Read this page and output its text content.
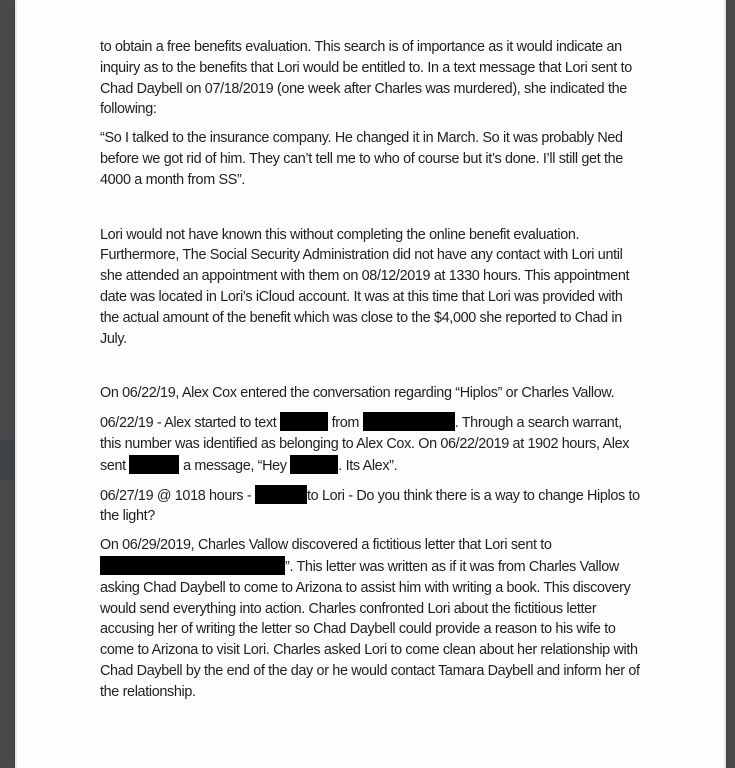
to obtain a free benefits evaluation. This search is of importance as it would indicate an inquiry as to the benefits that Lori would be entitled to. In a text message that Lori sent to Chad Daybell on 07/18/2019 (one week after Charles was murdered), she indicated the following:

“So I talked to the insurance company. He changed it in March. So it was probably Ned before we got rid of him. They can’t tell me to who of course but it’s done. I’ll still get the 4000 a month from SS”.

Lori would not have known this without completing the online benefit evaluation. Furthermore, The Social Security Administration did not have any contact with Lori until she attended an appointment with them on 08/12/2019 at 1330 hours. This appointment date was located in Lori’s iCloud account. It was at this time that Lori was provided with the actual amount of the benefit which was close to the $4,000 she reported to Chad in July.

On 06/22/19, Alex Cox entered the conversation regarding “Hiplos” or Charles Vallow.

06/22/19 - Alex started to text	from	. Through a search warrant, this number was identified as belonging to Alex Cox. On 06/22/2019 at 1902 hours, Alex sent	a message, “Hey	. Its Alex”.

06/27/19 @ 1018 hours -	to Lori - Do you think there is a way to change Hiplos to the light?

On 06/29/2019, Charles Vallow discovered a fictitious letter that Lori sent to ”. This letter was written as if it was from Charles Vallow asking Chad Daybell to come to Arizona to assist him with writing a book. This discovery would send everything into action. Charles confronted Lori about the fictitious letter accusing her of writing the letter so Chad Daybell could provide a reason to his wife to come to Arizona to visit Lori. Charles asked Lori to come clean about her relationship with Chad Daybell by the end of the day or he would contact Tamara Daybell and inform her of the relationship.
